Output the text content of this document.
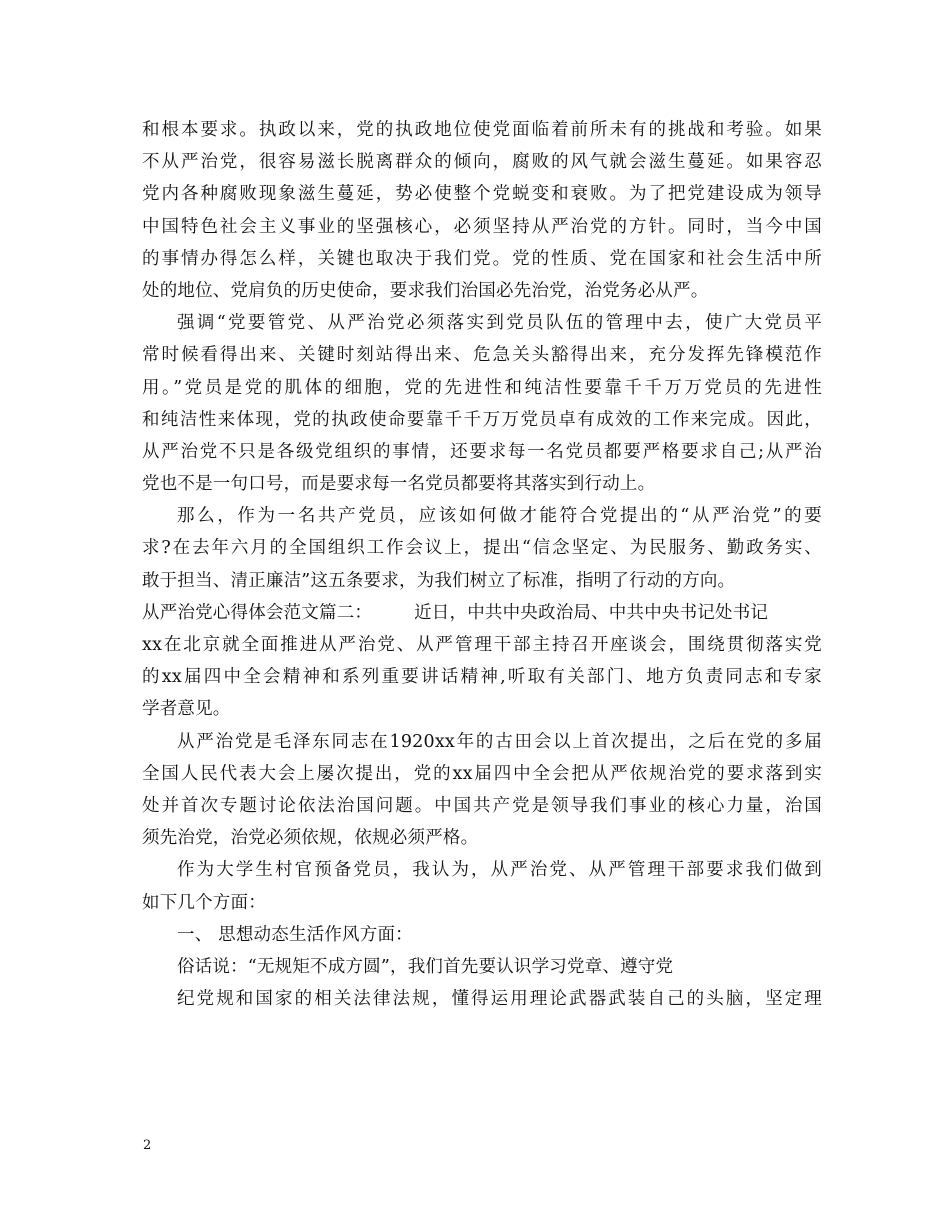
和根本要求。执政以来，党的执政地位使党面临着前所未有的挑战和考验。如果
不从严治党，很容易滋长脱离群众的倾向，腐败的风气就会滋生蔓延。如果容忍
党内各种腐败现象滋生蔓延，势必使整个党蜕变和衰败。为了把党建设成为领导
中国特色社会主义事业的坚强核心，必须坚持从严治党的方针。同时，当今中国
的事情办得怎么样，关键也取决于我们党。党的性质、党在国家和社会生活中所
处的地位、党肩负的历史使命，要求我们治国必先治党，治党务必从严。
强调“党要管党、从严治党必须落实到党员队伍的管理中去，使广大党员平
常时候看得出来、关键时刻站得出来、危急关头豁得出来，充分发挥先锋模范作
用。”党员是党的肌体的细胞，党的先进性和纯洁性要靠千千万万党员的先进性
和纯洁性来体现，党的执政使命要靠千千万万党员卓有成效的工作来完成。因此，
从严治党不只是各级党组织的事情，还要求每一名党员都要严格要求自己;从严治
党也不是一句口号，而是要求每一名党员都要将其落实到行动上。
那么，作为一名共产党员，应该如何做才能符合党提出的“从严治党”的要
求?在去年六月的全国组织工作会议上，提出“信念坚定、为民服务、勤政务实、
敢于担当、清正廉洁”这五条要求，为我们树立了标准，指明了行动的方向。
从严治党心得体会范文篇二： 近日，中共中央政治局、中共中央书记处书记
xx在北京就全面推进从严治党、从严管理干部主持召开座谈会，围绕贯彻落实党
的xx届四中全会精神和系列重要讲话精神,听取有关部门、地方负责同志和专家
学者意见。
从严治党是毛泽东同志在1920xx年的古田会以上首次提出，之后在党的多届
全国人民代表大会上屡次提出，党的xx届四中全会把从严依规治党的要求落到实
处并首次专题讨论依法治国问题。中国共产党是领导我们事业的核心力量，治国
须先治党，治党必须依规，依规必须严格。
作为大学生村官预备党员，我认为，从严治党、从严管理干部要求我们做到
如下几个方面：
一、 思想动态生活作风方面：
俗话说：“无规矩不成方圆”，我们首先要认识学习党章、遵守党
纪党规和国家的相关法律法规，懂得运用理论武器武装自己的头脑，坚定理
2
